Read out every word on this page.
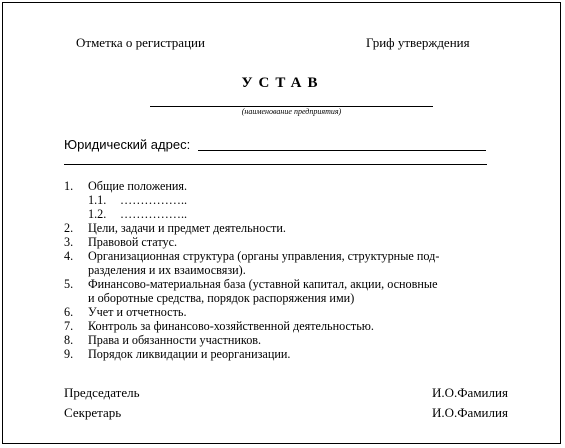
Отметка о регистрации	Гриф утверждения
УСТАВ
(наименование предприятия)
Юридический адрес:
1. Общие положения.
1.1. ……………..
1.2. ……………..
2. Цели, задачи и предмет деятельности.
3. Правовой статус.
4. Организационная структура (органы управления, структурные под-
разделения и их взаимосвязи).
5. Финансово-материальная база (уставной капитал, акции, основные
и оборотные средства, порядок распоряжения ими)
6. Учет и отчетность.
7. Контроль за финансово-хозяйственной деятельностью.
8. Права и обязанности участников.
9. Порядок ликвидации и реорганизации.
Председатель	И.О.Фамилия
Секретарь	И.О.Фамилия
